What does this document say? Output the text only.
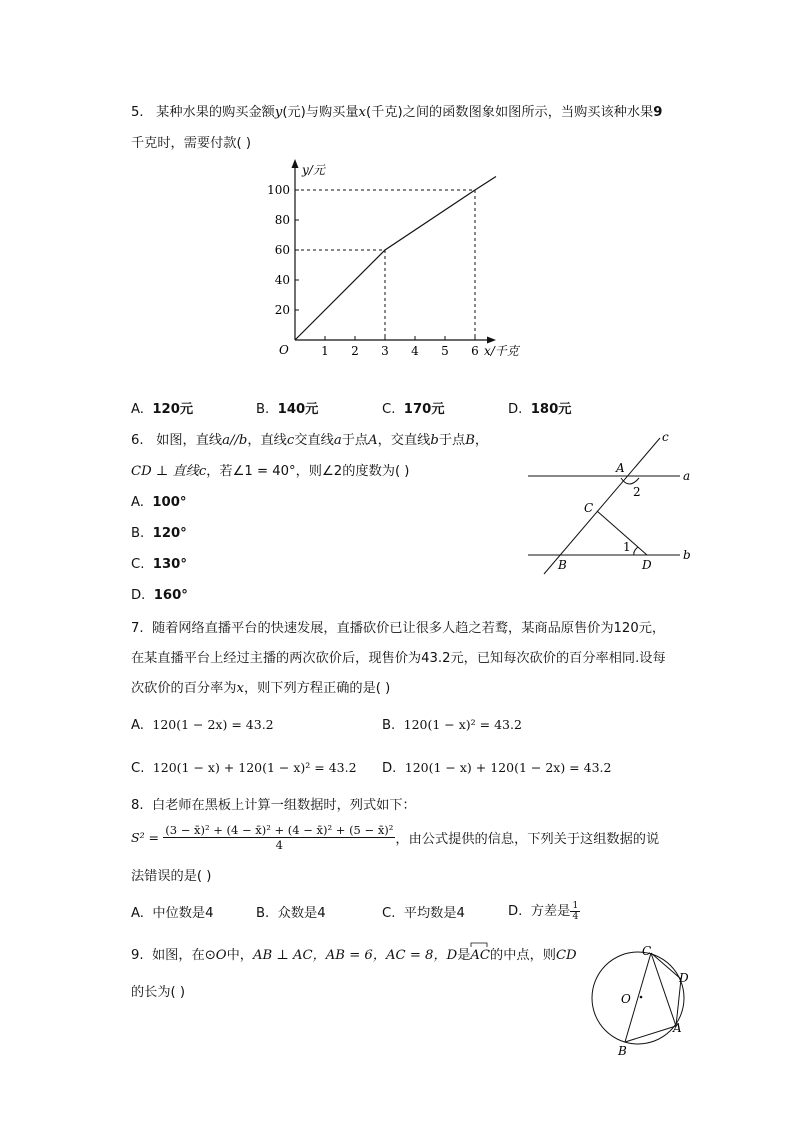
5. 某种水果的购买金额y(元)与购买量x(千克)之间的函数图象如图所示，当购买该种水果9
千克时，需要付款( )
100
80
60
40
20
1 2 3 4 5 6
y/元
x/千克
O
A. 120元	B. 140元	C. 170元	D. 180元
6. 如图，直线a//b，直线c交直线a于点A，交直线b于点B，
CD ⊥ 直线c，若∠1 = 40°，则∠2的度数为( )
A. 100°
B. 120°
C. 130°
D. 160°
c
a
b
A
C
B	D
1
2
7. 随着网络直播平台的快速发展，直播砍价已让很多人趋之若鹜，某商品原售价为120元，
在某直播平台上经过主播的两次砍价后，现售价为43.2元，已知每次砍价的百分率相同.设每
次砍价的百分率为x，则下列方程正确的是( )
A. 120(1 − 2x) = 43.2	B. 120(1 − x)² = 43.2
C. 120(1 − x) + 120(1 − x)² = 43.2 D. 120(1 − x) + 120(1 − 2x) = 43.2
8. 白老师在黑板上计算一组数据时，列式如下：
$S^2 = \frac{\text{(3 − x̄)² + (4 − x̄)² + (4 − x̄)² + (5 − x̄)²}}{4}$ ，由公式提供的信息，下列关于这组数据的说
法错误的是( )
A. 中位数是4	B. 众数是4	C. 平均数是4	D. 方差是 $\frac{1}{4}$
9. 如图，在⊙O中，AB ⊥ AC，AB = 6，AC = 8，D是
AC的中点，则CD
的长为( )
C
D
O
A
B
